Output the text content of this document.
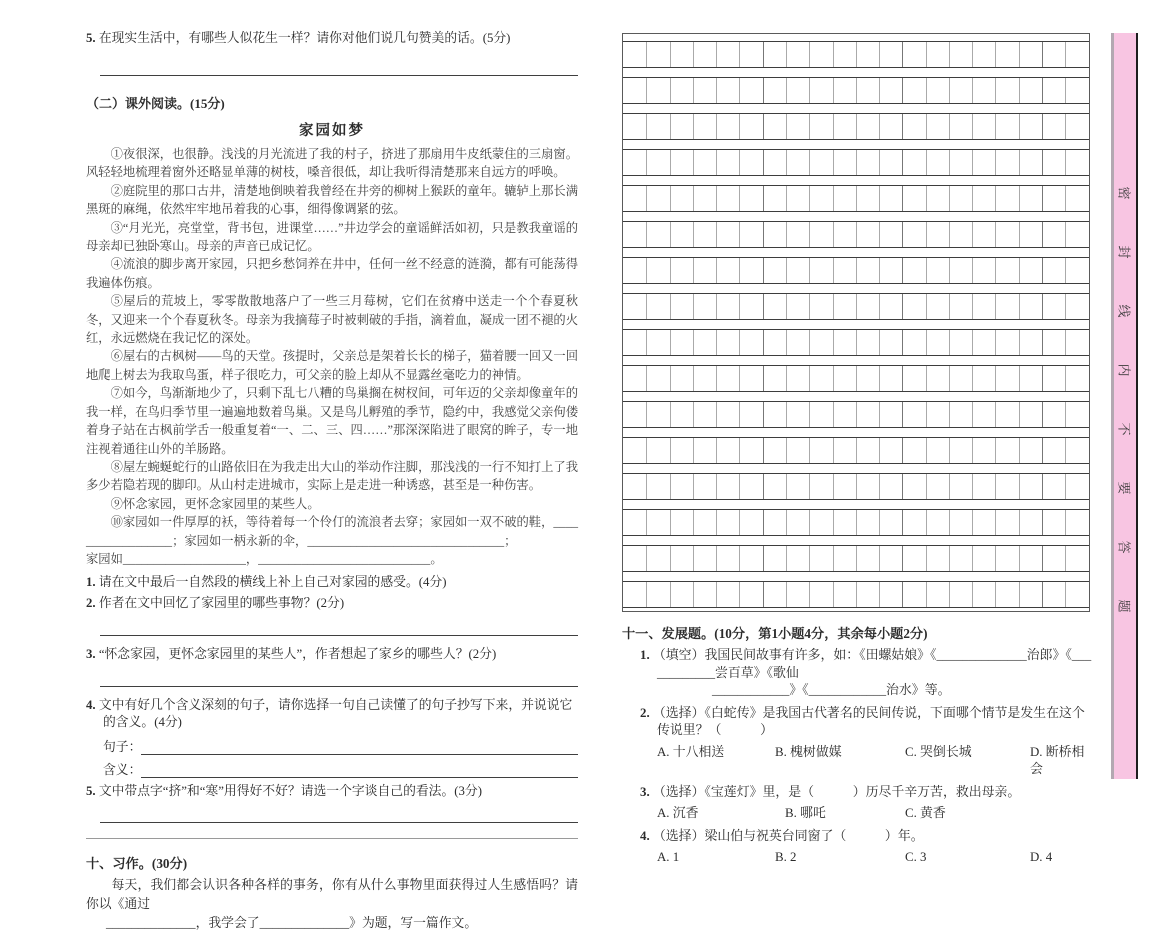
5. 在现实生活中，有哪些人似花生一样？请你对他们说几句赞美的话。(5分)
（二）课外阅读。(15分)
家园如梦

①夜很深，也很静。浅浅的月光流进了我的村子，挤进了那扇用牛皮纸蒙住的三扇窗。风轻轻地梳理着窗外还略显单薄的树枝，嗓音很低，却让我听得清楚那来自远方的呼唤。

②庭院里的那口古井，清楚地倒映着我曾经在井旁的柳树上猴跃的童年。辘轳上那长满黑斑的麻绳，依然牢牢地吊着我的心事，细得像调紧的弦。

③“月光光，亮堂堂，背书包，进课堂……”井边学会的童谣鲜活如初，只是教我童谣的母亲却已独卧寒山。母亲的声音已成记忆。

④流浪的脚步离开家园，只把乡愁饲养在井中，任何一丝不经意的涟漪，都有可能荡得我遍体伤痕。

⑤屋后的荒坡上，零零散散地落户了一些三月莓树，它们在贫瘠中送走一个个春夏秋冬，又迎来一个个春夏秋冬。母亲为我摘莓子时被刺破的手指，滴着血，凝成一团不褪的火红，永远燃烧在我记忆的深处。

⑥屋右的古枫树——鸟的天堂。孩提时，父亲总是架着长长的梯子，猫着腰一回又一回地爬上树去为我取鸟蛋，样子很吃力，可父亲的脸上却从不显露丝毫吃力的神情。

⑦如今，鸟渐渐地少了，只剩下乱七八糟的鸟巢搁在树杈间，可年迈的父亲却像童年的我一样，在鸟归季节里一遍遍地数着鸟巢。又是鸟儿孵殖的季节，隐约中，我感觉父亲佝偻着身子站在古枫前学舌一般重复着“一、二、三、四……”那深深陷进了眼窝的眸子，专一地注视着通往山外的羊肠路。

⑧屋左蜿蜒蛇行的山路依旧在为我走出大山的举动作注脚，那浅浅的一行不知打上了我多少若隐若现的脚印。从山村走进城市，实际上是走进一种诱惑，甚至是一种伤害。

⑨怀念家园，更怀念家园里的某些人。

⑩家园如一件厚厚的袄，等待着每一个伶仃的流浪者去穿；家园如一双不破的鞋，__________________；家园如一柄永新的伞，________________________________；

家园如____________________，____________________________。
1. 请在文中最后一自然段的横线上补上自己对家园的感受。(4分)
2. 作者在文中回忆了家园里的哪些事物？(2分)
3. “怀念家园，更怀念家园里的某些人”，作者想起了家乡的哪些人？(2分)
4. 文中有好几个含义深刻的句子，请你选择一句自己读懂了的句子抄写下来，并说说它的含义。(4分)
句子：
含义：
5. 文中带点字“挤”和“寒”用得好不好？请选一个字谈自己的看法。(3分)
十、习作。(30分)
每天，我们都会认识各种各样的事务，你有从什么事物里面获得过人生感悟吗？请你以《通过
______________，我学会了______________》为题，写一篇作文。
十一、发展题。(10分，第1小题4分，其余每小题2分)
1. （填空）我国民间故事有许多，如：《田螺姑娘》《______________治郎》《____________尝百草》《歌仙
____________》《____________治水》等。
2. （选择）《白蛇传》是我国古代著名的民间传说，下面哪个情节是发生在这个传说里？（　　　）
A. 十八相送	B. 槐树做媒	C. 哭倒长城	D. 断桥相会
3. （选择）《宝莲灯》里，是（　　　）历尽千辛万苦，救出母亲。
A. 沉香	B. 哪吒	C. 黄香
4. （选择）梁山伯与祝英台同窗了（　　　）年。
A. 1	B. 2	C. 3	D. 4
密封线内不要答题
